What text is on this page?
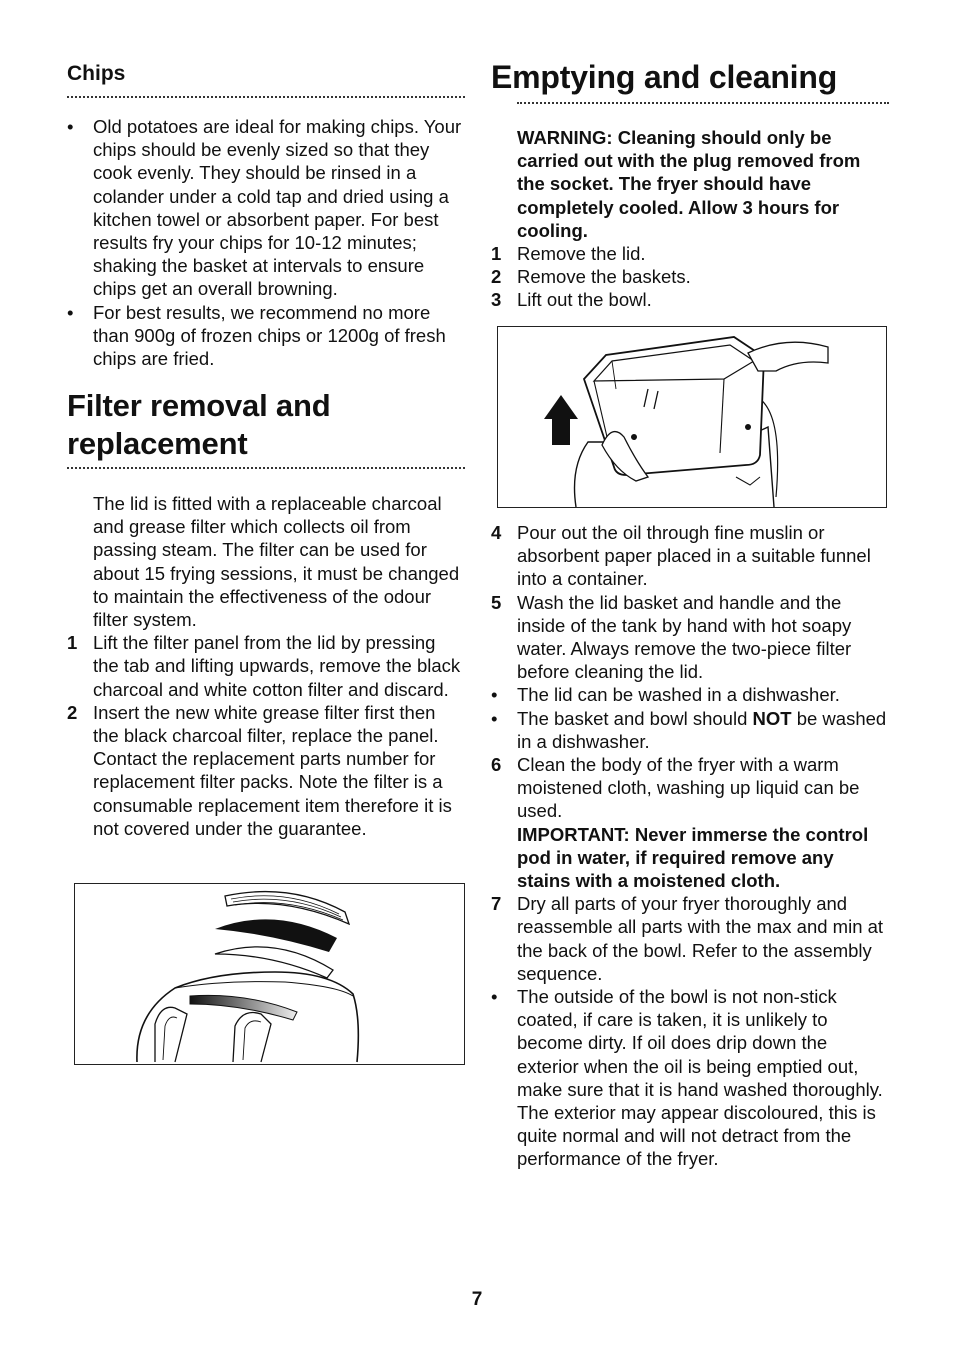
Chips
• Old potatoes are ideal for making chips. Your chips should be evenly sized so that they cook evenly. They should be rinsed in a colander under a cold tap and dried using a kitchen towel or absorbent paper. For best results fry your chips for 10-12 minutes; shaking the basket at intervals to ensure chips get an overall browning.
• For best results, we recommend no more than 900g of frozen chips or 1200g of fresh chips are fried.
Filter removal and
replacement
The lid is fitted with a replaceable charcoal and grease filter which collects oil from passing steam. The filter can be used for about 15 frying sessions, it must be changed to maintain the effectiveness of the odour filter system.
1 Lift the filter panel from the lid by pressing the tab and lifting upwards, remove the black charcoal and white cotton filter and discard.
2 Insert the new white grease filter first then the black charcoal filter, replace the panel. Contact the replacement parts number for replacement filter packs. Note the filter is a consumable replacement item therefore it is not covered under the guarantee.
Emptying and cleaning
WARNING: Cleaning should only be carried out with the plug removed from the socket. The fryer should have completely cooled. Allow 3 hours for cooling.
1 Remove the lid.
2 Remove the baskets.
3 Lift out the bowl.
4 Pour out the oil through fine muslin or absorbent paper placed in a suitable funnel into a container.
5 Wash the lid basket and handle and the inside of the tank by hand with hot soapy water. Always remove the two-piece filter before cleaning the lid.
• The lid can be washed in a dishwasher.
• The basket and bowl should NOT be washed in a dishwasher.
6 Clean the body of the fryer with a warm moistened cloth, washing up liquid can be used.
IMPORTANT: Never immerse the control pod in water, if required remove any stains with a moistened cloth.
7 Dry all parts of your fryer thoroughly and reassemble all parts with the max and min at the back of the bowl. Refer to the assembly sequence.
• The outside of the bowl is not non-stick coated, if care is taken, it is unlikely to become dirty. If oil does drip down the exterior when the oil is being emptied out, make sure that it is hand washed thoroughly. The exterior may appear discoloured, this is quite normal and will not detract from the performance of the fryer.
7
